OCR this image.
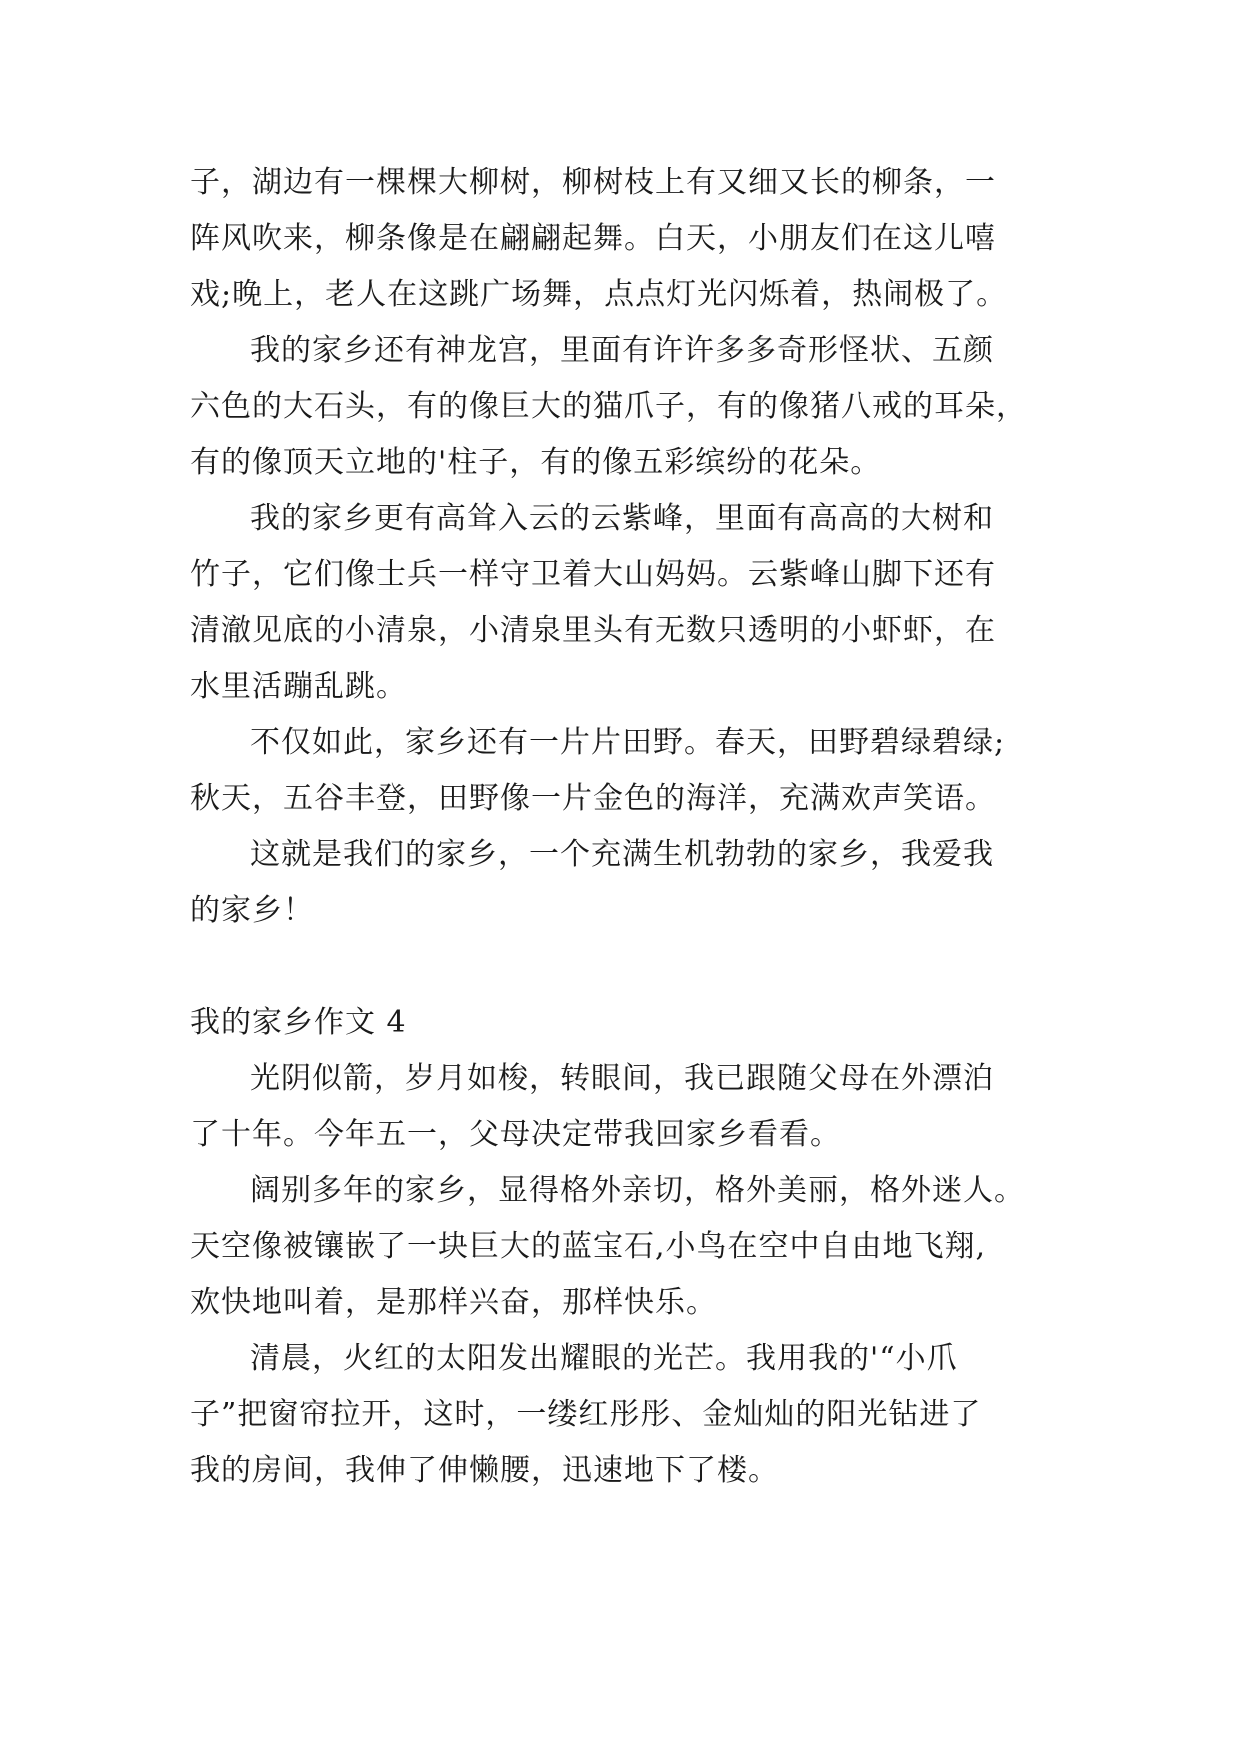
子，湖边有一棵棵大柳树，柳树枝上有又细又长的柳条，一
阵风吹来，柳条像是在翩翩起舞。白天，小朋友们在这儿嘻
戏;晚上，老人在这跳广场舞，点点灯光闪烁着，热闹极了。
我的家乡还有神龙宫，里面有许许多多奇形怪状、五颜
六色的大石头，有的像巨大的猫爪子，有的像猪八戒的耳朵，
有的像顶天立地的'柱子，有的像五彩缤纷的花朵。
我的家乡更有高耸入云的云紫峰，里面有高高的大树和
竹子，它们像士兵一样守卫着大山妈妈。云紫峰山脚下还有
清澈见底的小清泉，小清泉里头有无数只透明的小虾虾，在
水里活蹦乱跳。
不仅如此，家乡还有一片片田野。春天，田野碧绿碧绿;
秋天，五谷丰登，田野像一片金色的海洋，充满欢声笑语。
这就是我们的家乡，一个充满生机勃勃的家乡，我爱我
的家乡！
我的家乡作文 4
光阴似箭，岁月如梭，转眼间，我已跟随父母在外漂泊
了十年。今年五一，父母决定带我回家乡看看。
阔别多年的家乡，显得格外亲切，格外美丽，格外迷人。
天空像被镶嵌了一块巨大的蓝宝石,小鸟在空中自由地飞翔,
欢快地叫着，是那样兴奋，那样快乐。
清晨，火红的太阳发出耀眼的光芒。我用我的'“小爪
子”把窗帘拉开，这时，一缕红彤彤、金灿灿的阳光钻进了
我的房间，我伸了伸懒腰，迅速地下了楼。
